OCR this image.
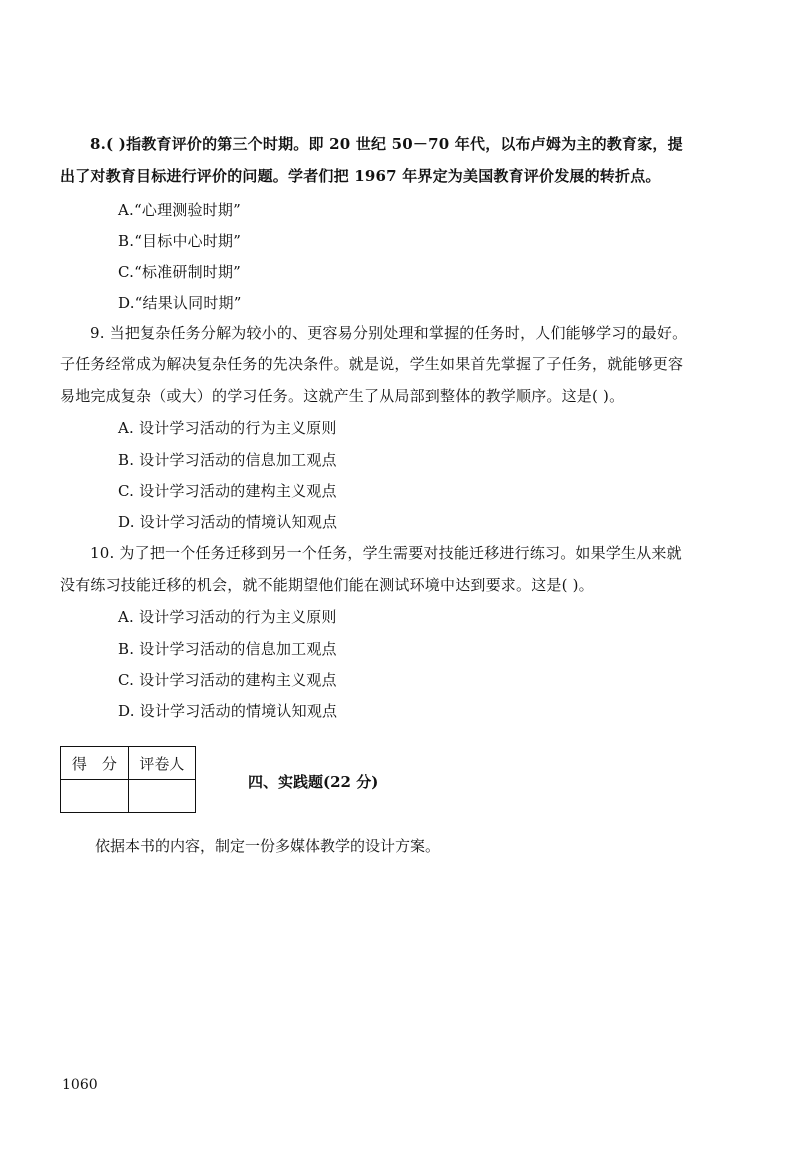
8.( )指教育评价的第三个时期。即 20 世纪 50－70 年代，以布卢姆为主的教育家，提
出了对教育目标进行评价的问题。学者们把 1967 年界定为美国教育评价发展的转折点。
A.“心理测验时期”
B.“目标中心时期”
C.“标准研制时期”
D.“结果认同时期”
9. 当把复杂任务分解为较小的、更容易分别处理和掌握的任务时，人们能够学习的最好。
子任务经常成为解决复杂任务的先决条件。就是说，学生如果首先掌握了子任务，就能够更容
易地完成复杂（或大）的学习任务。这就产生了从局部到整体的教学顺序。这是( )。
A. 设计学习活动的行为主义原则
B. 设计学习活动的信息加工观点
C. 设计学习活动的建构主义观点
D. 设计学习活动的情境认知观点
10. 为了把一个任务迁移到另一个任务，学生需要对技能迁移进行练习。如果学生从来就
没有练习技能迁移的机会，就不能期望他们能在测试环境中达到要求。这是( )。
A. 设计学习活动的行为主义原则
B. 设计学习活动的信息加工观点
C. 设计学习活动的建构主义观点
D. 设计学习活动的情境认知观点
得　分	评卷人

四、实践题(22 分)
依据本书的内容，制定一份多媒体教学的设计方案。
1060
